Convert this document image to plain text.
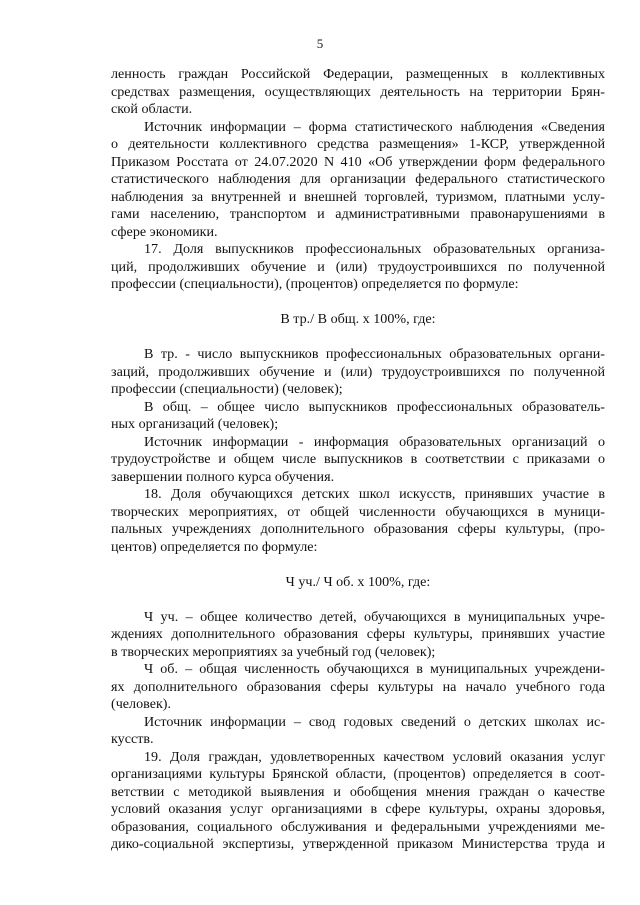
5
ленность граждан Российской Федерации, размещенных в коллективных
средствах размещения, осуществляющих деятельность на территории Брян-
ской области.
Источник информации – форма статистического наблюдения «Сведения
о деятельности коллективного средства размещения» 1-КСР, утвержденной
Приказом Росстата от 24.07.2020 N 410 «Об утверждении форм федерального
статистического наблюдения для организации федерального статистического
наблюдения за внутренней и внешней торговлей, туризмом, платными услу-
гами населению, транспортом и административными правонарушениями в
сфере экономики.
17. Доля выпускников профессиональных образовательных организа-
ций, продолживших обучение и (или) трудоустроившихся по полученной
профессии (специальности), (процентов) определяется по формуле:
В тр./ В общ. х 100%, где:
В тр. - число выпускников профессиональных образовательных органи-
заций, продолживших обучение и (или) трудоустроившихся по полученной
профессии (специальности) (человек);
В общ. – общее число выпускников профессиональных образователь-
ных организаций (человек);
Источник информации - информация образовательных организаций о
трудоустройстве и общем числе выпускников в соответствии с приказами о
завершении полного курса обучения.
18. Доля обучающихся детских школ искусств, принявших участие в
творческих мероприятиях, от общей численности обучающихся в муници-
пальных учреждениях дополнительного образования сферы культуры, (про-
центов) определяется по формуле:
Ч уч./ Ч об. х 100%, где:
Ч уч. – общее количество детей, обучающихся в муниципальных учре-
ждениях дополнительного образования сферы культуры, принявших участие
в творческих мероприятиях за учебный год (человек);
Ч об. – общая численность обучающихся в муниципальных учреждени-
ях дополнительного образования сферы культуры на начало учебного года
(человек).
Источник информации – свод годовых сведений о детских школах ис-
кусств.
19. Доля граждан, удовлетворенных качеством условий оказания услуг
организациями культуры Брянской области, (процентов) определяется в соот-
ветствии с методикой выявления и обобщения мнения граждан о качестве
условий оказания услуг организациями в сфере культуры, охраны здоровья,
образования, социального обслуживания и федеральными учреждениями ме-
дико-социальной экспертизы, утвержденной приказом Министерства труда и
